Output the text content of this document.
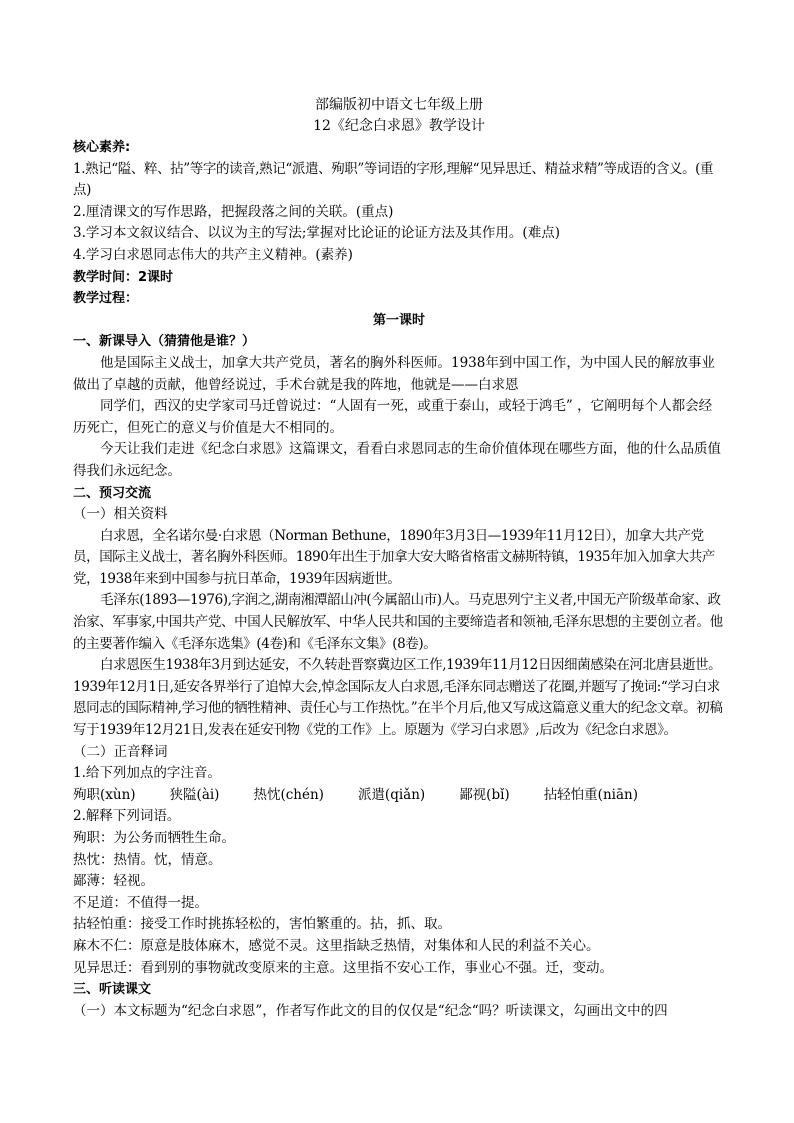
部编版初中语文七年级上册

12《纪念白求恩》教学设计

核心素养:

1.熟记“隘、粹、拈”等字的读音,熟记“派遣、殉职”等词语的字形,理解“见异思迁、精益求精”等成语的含义。(重点)

2.厘清课文的写作思路，把握段落之间的关联。(重点)

3.学习本文叙议结合、以议为主的写法;掌握对比论证的论证方法及其作用。(难点)

4.学习白求恩同志伟大的共产主义精神。(素养)

教学时间：2课时

教学过程：

第一课时

一、新课导入（猜猜他是谁？）

他是国际主义战士，加拿大共产党员，著名的胸外科医师。1938年到中国工作，为中国人民的解放事业做出了卓越的贡献，他曾经说过，手术台就是我的阵地，他就是——白求恩

同学们，西汉的史学家司马迁曾说过：“人固有一死，或重于泰山，或轻于鸿毛” ，它阐明每个人都会经历死亡，但死亡的意义与价值是大不相同的。

今天让我们走进《纪念白求恩》这篇课文，看看白求恩同志的生命价值体现在哪些方面，他的什么品质值得我们永远纪念。

二、预习交流

（一）相关资料

白求恩，全名诺尔曼·白求恩（Norman Bethune，1890年3月3日—1939年11月12日），加拿大共产党员，国际主义战士，著名胸外科医师。1890年出生于加拿大安大略省格雷文赫斯特镇，1935年加入加拿大共产党，1938年来到中国参与抗日革命，1939年因病逝世。

毛泽东(1893—1976),字润之,湖南湘潭韶山冲(今属韶山市)人。马克思列宁主义者,中国无产阶级革命家、政治家、军事家,中国共产党、中国人民解放军、中华人民共和国的主要缔造者和领袖,毛泽东思想的主要创立者。他的主要著作编入《毛泽东选集》(4卷)和《毛泽东文集》(8卷)。

白求恩医生1938年3月到达延安，不久转赴晋察冀边区工作,1939年11月12日因细菌感染在河北唐县逝世。1939年12月1日,延安各界举行了追悼大会,悼念国际友人白求恩,毛泽东同志赠送了花圈,并题写了挽词:“学习白求恩同志的国际精神,学习他的牺牲精神、责任心与工作热忱。”在半个月后,他又写成这篇意义重大的纪念文章。初稿写于1939年12月21日,发表在延安刊物《党的工作》上。原题为《学习白求恩》,后改为《纪念白求恩》。

（二）正音释词

1.给下列加点的字注音。

殉职(xùn)	狭隘(ài)	热忱(chén)	派遣(qiǎn)	鄙视(bǐ)	拈轻怕重(niān)

2.解释下列词语。

殉职：为公务而牺牲生命。

热忱：热情。忱，情意。

鄙薄：轻视。

不足道：不值得一提。

拈轻怕重：接受工作时挑拣轻松的，害怕繁重的。拈，抓、取。

麻木不仁：原意是肢体麻木，感觉不灵。这里指缺乏热情，对集体和人民的利益不关心。

见异思迁：看到别的事物就改变原来的主意。这里指不安心工作，事业心不强。迁，变动。

三、听读课文

（一）本文标题为“纪念白求恩”，作者写作此文的目的仅仅是“纪念“吗？听读课文，勾画出文中的四
